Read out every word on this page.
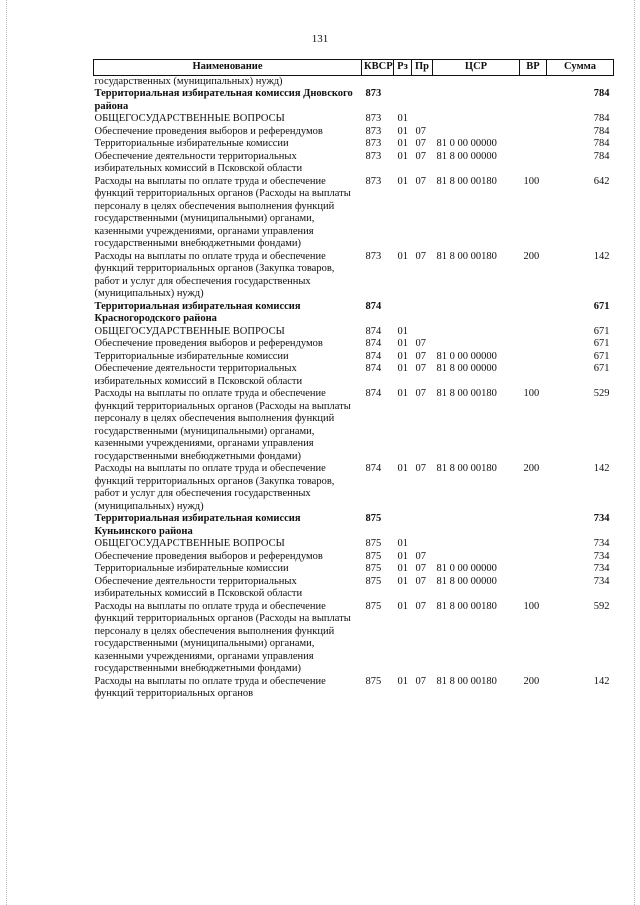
131
Наименование	КВСР	Рз	Пр	ЦСР	ВР	Сумма
государственных (муниципальных) нужд)						
Территориальная избирательная комиссия Дновского района	873					784
ОБЩЕГОСУДАРСТВЕННЫЕ ВОПРОСЫ	873	01				784
Обеспечение проведения выборов и референдумов	873	01	07			784
Территориальные избирательные комиссии	873	01	07	81 0 00 00000		784
Обеспечение деятельности территориальных избирательных комиссий в Псковской области	873	01	07	81 8 00 00000		784
Расходы на выплаты по оплате труда и обеспечение функций территориальных органов (Расходы на выплаты персоналу в целях обеспечения выполнения функций государственными (муниципальными) органами, казенными учреждениями, органами управления государственными внебюджетными фондами)	873	01	07	81 8 00 00180	100	642
Расходы на выплаты по оплате труда и обеспечение функций территориальных органов (Закупка товаров, работ и услуг для обеспечения государственных (муниципальных) нужд)	873	01	07	81 8 00 00180	200	142
Территориальная избирательная комиссия Красногородского района	874					671
ОБЩЕГОСУДАРСТВЕННЫЕ ВОПРОСЫ	874	01				671
Обеспечение проведения выборов и референдумов	874	01	07			671
Территориальные избирательные комиссии	874	01	07	81 0 00 00000		671
Обеспечение деятельности территориальных избирательных комиссий в Псковской области	874	01	07	81 8 00 00000		671
Расходы на выплаты по оплате труда и обеспечение функций территориальных органов (Расходы на выплаты персоналу в целях обеспечения выполнения функций государственными (муниципальными) органами, казенными учреждениями, органами управления государственными внебюджетными фондами)	874	01	07	81 8 00 00180	100	529
Расходы на выплаты по оплате труда и обеспечение функций территориальных органов (Закупка товаров, работ и услуг для обеспечения государственных (муниципальных) нужд)	874	01	07	81 8 00 00180	200	142
Территориальная избирательная комиссия Куньинского района	875					734
ОБЩЕГОСУДАРСТВЕННЫЕ ВОПРОСЫ	875	01				734
Обеспечение проведения выборов и референдумов	875	01	07			734
Территориальные избирательные комиссии	875	01	07	81 0 00 00000		734
Обеспечение деятельности территориальных избирательных комиссий в Псковской области	875	01	07	81 8 00 00000		734
Расходы на выплаты по оплате труда и обеспечение функций территориальных органов (Расходы на выплаты персоналу в целях обеспечения выполнения функций государственными (муниципальными) органами, казенными учреждениями, органами управления государственными внебюджетными фондами)	875	01	07	81 8 00 00180	100	592
Расходы на выплаты по оплате труда и обеспечение функций территориальных органов	875	01	07	81 8 00 00180	200	142
